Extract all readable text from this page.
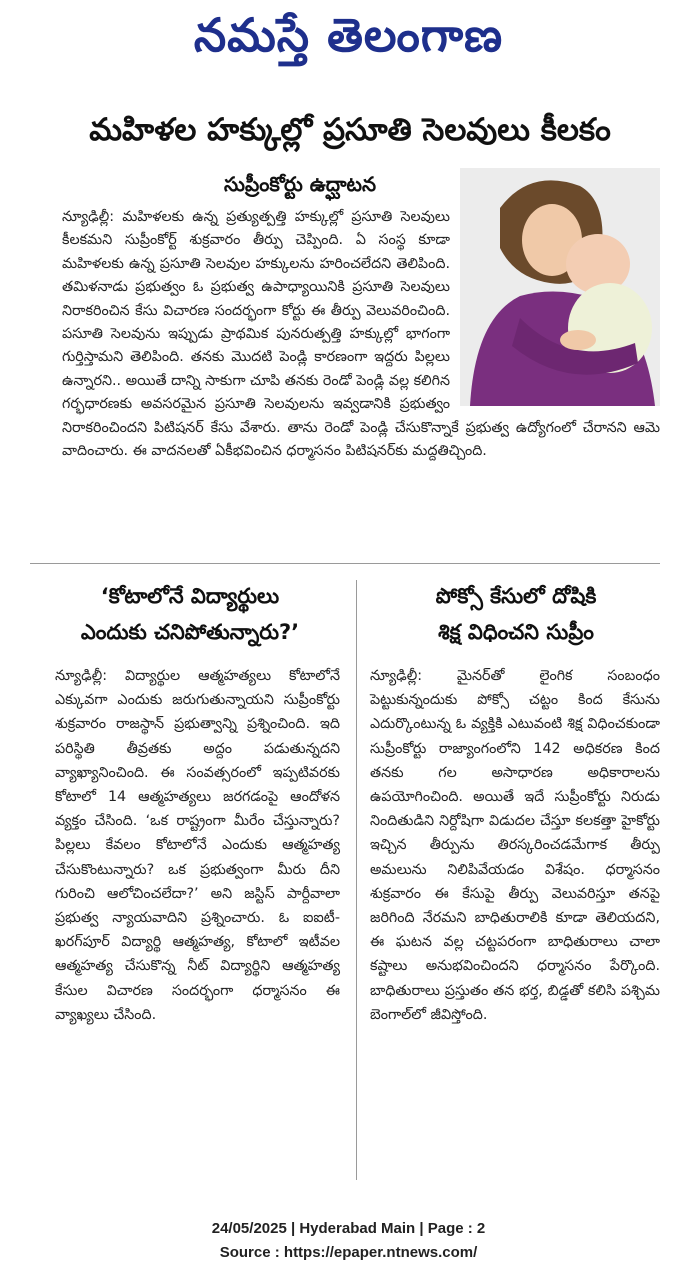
నమస్తే తెలంగాణ
మహిళల హక్కుల్లో ప్రసూతి సెలవులు కీలకం
సుప్రీంకోర్టు ఉద్ఘాటన

న్యూఢిల్లీ: మహిళలకు ఉన్న ప్రత్యుత్పత్తి హక్కుల్లో ప్రసూతి సెలవులు కీలకమని సుప్రీంకోర్ట్ శుక్రవారం తీర్పు చెప్పింది. ఏ సంస్థ కూడా మహిళలకు ఉన్న ప్రసూతి సెలవుల హక్కులను హరించలేదని తెలిపింది. తమిళనాడు ప్రభుత్వం ఓ ప్రభుత్వ ఉపాధ్యాయినికి ప్రసూతి సెలవులు నిరాకరించిన కేసు విచారణ సందర్భంగా కోర్టు ఈ తీర్పు వెలువరించింది. పసూతి సెలవును ఇప్పుడు ప్రాథమిక పునరుత్పత్తి హక్కుల్లో భాగంగా గుర్తిస్తామని తెలిపింది. తనకు మొదటి పెండ్లి కారణంగా ఇద్దరు పిల్లలు ఉన్నారని.. అయితే దాన్ని సాకుగా చూపి తనకు రెండో పెండ్లి వల్ల కలిగిన గర్భధారణకు అవసరమైన ప్రసూతి సెలవులను ఇవ్వడానికి ప్రభుత్వం నిరాకరించిందని పిటిషనర్ కేసు వేశారు. తాను రెండో పెండ్లి చేసుకొన్నాకే ప్రభుత్వ ఉద్యోగంలో చేరానని ఆమె వాదించారు. ఈ వాదనలతో ఏకీభవించిన ధర్మాసనం పిటిషనర్‌కు మద్దతిచ్చింది.

‘కోటాలోనే విద్యార్థులు
ఎందుకు చనిపోతున్నారు?’

న్యూఢిల్లీ: విద్యార్థుల ఆత్మహత్యలు కోటాలోనే ఎక్కువగా ఎందుకు జరుగుతున్నాయని సుప్రీంకోర్టు శుక్రవారం రాజస్థాన్ ప్రభుత్వాన్ని ప్రశ్నించింది. ఇది పరిస్థితి తీవ్రతకు అద్దం పడుతున్నదని వ్యాఖ్యానించింది. ఈ సంవత్సరంలో ఇప్పటివరకు కోటాలో 14 ఆత్మహత్యలు జరగడంపై ఆందోళన వ్యక్తం చేసింది. ‘ఒక రాష్ట్రంగా మీరేం చేస్తున్నారు? పిల్లలు కేవలం కోటాలోనే ఎందుకు ఆత్మహత్య చేసుకొంటున్నారు? ఒక ప్రభుత్వంగా మీరు దీని గురించి ఆలోచించలేదా?’ అని జస్టిస్ పార్దీవాలా ప్రభుత్వ న్యాయవాదిని ప్రశ్నించారు. ఓ ఐఐటీ-ఖరగ్‌పూర్ విద్యార్థి ఆత్మహత్య, కోటాలో ఇటీవల ఆత్మహత్య చేసుకొన్న నీట్ విద్యార్థిని ఆత్మహత్య కేసుల విచారణ సందర్భంగా ధర్మాసనం ఈ వ్యాఖ్యలు చేసింది.

పోక్సో కేసులో దోషికి
శిక్ష విధించని సుప్రీం

న్యూఢిల్లీ: మైనర్‌తో లైంగిక సంబంధం పెట్టుకున్నందుకు పోక్సో చట్టం కింద కేసును ఎదుర్కొంటున్న ఓ వ్యక్తికి ఎటువంటి శిక్ష విధించకుండా సుప్రీంకోర్టు రాజ్యాంగంలోని 142 అధికరణ కింద తనకు గల అసాధారణ అధికారాలను ఉపయోగించింది. అయితే ఇదే సుప్రీంకోర్టు నిరుడు నిందితుడిని నిర్దోషిగా విడుదల చేస్తూ కలకత్తా హైకోర్టు ఇచ్చిన తీర్పును తిరస్కరించడమేగాక తీర్పు అమలును నిలిపివేయడం విశేషం. ధర్మాసనం శుక్రవారం ఈ కేసుపై తీర్పు వెలువరిస్తూ తనపై జరిగింది నేరమని బాధితురాలికి కూడా తెలియదని, ఈ ఘటన వల్ల చట్టపరంగా బాధితురాలు చాలా కష్టాలు అనుభవించిందని ధర్మాసనం పేర్కొంది. బాధితురాలు ప్రస్తుతం తన భర్త, బిడ్డతో కలిసి పశ్చిమ బెంగాల్‌లో జీవిస్తోంది.

24/05/2025 | Hyderabad Main | Page : 2
Source : https://epaper.ntnews.com/
